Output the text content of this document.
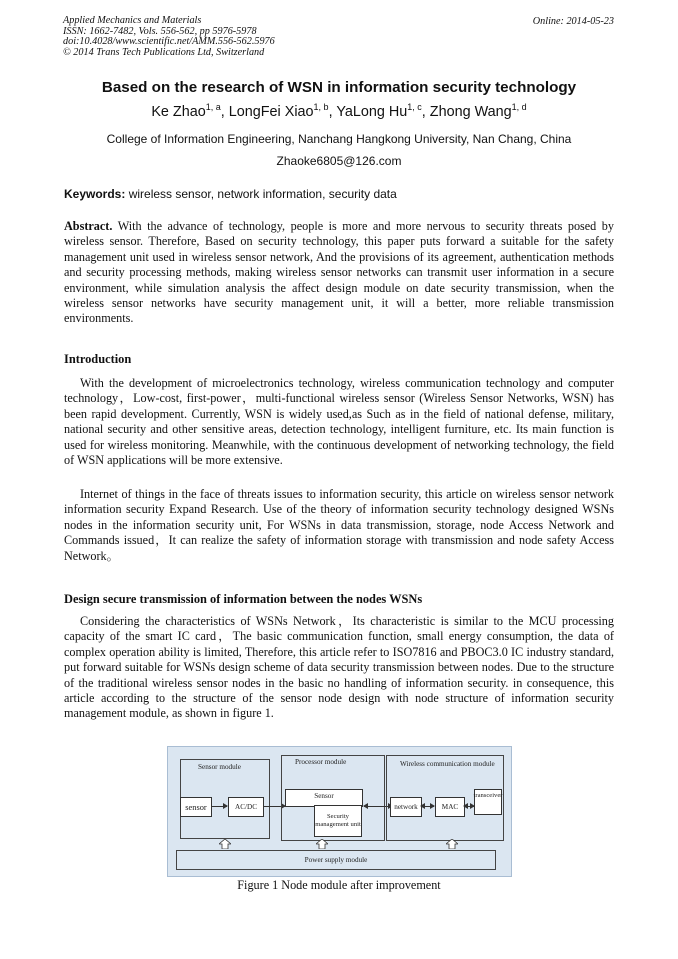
Applied Mechanics and Materials
ISSN: 1662-7482, Vols. 556-562, pp 5976-5978
doi:10.4028/www.scientific.net/AMM.556-562.5976
© 2014 Trans Tech Publications Ltd, Switzerland
Online: 2014-05-23
Based on the research of WSN in information security technology
Ke Zhao$^{1, a}$, LongFei Xiao$^{1, b}$, YaLong Hu$^{1, c}$, Zhong Wang$^{1, d}$
College of Information Engineering, Nanchang Hangkong University, Nan Chang, China
Zhaoke6805@126.com
Keywords: wireless sensor, network information, security data
Abstract. With the advance of technology, people is more and more nervous to security threats posed by wireless sensor. Therefore, Based on security technology, this paper puts forward a suitable for the safety management unit used in wireless sensor network, And the provisions of its agreement, authentication methods and security processing methods, making wireless sensor networks can transmit user information in a secure environment, while simulation analysis the affect design module on date security transmission, when the wireless sensor networks have security management unit, it will a better, more reliable transmission environments.
Introduction
With the development of microelectronics technology, wireless communication technology and computer technology，Low-cost, first-power，multi-functional wireless sensor (Wireless Sensor Networks, WSN) has been rapid development. Currently, WSN is widely used,as Such as in the field of national defense, military, national security and other sensitive areas, detection technology, intelligent furniture, etc. Its main function is used for wireless monitoring. Meanwhile, with the continuous development of networking technology, the field of WSN applications will be more extensive.
Internet of things in the face of threats issues to information security, this article on wireless sensor network information security Expand Research. Use of the theory of information security technology designed WSNs nodes in the information security unit, For WSNs in data transmission, storage, node Access Network and Commands issued，It can realize the safety of information storage with transmission and node safety Access Network。
Design secure transmission of information between the nodes WSNs
Considering the characteristics of WSNs Network，Its characteristic is similar to the MCU processing capacity of the smart IC card，The basic communication function, small energy consumption, the data of complex operation ability is limited, Therefore, this article refer to ISO7816 and PBOC3.0 IC industry standard, put forward suitable for WSNs design scheme of data security transmission between nodes. Due to the structure of the traditional wireless sensor nodes in the basic no handling of information security. in consequence, this article according to the structure of the sensor node design with node structure of information security management module, as shown in figure 1.
Sensor module
sensor	AC/DC
Processor module
Sensor
Security management unit
Wireless communication module
network	MAC
transceiver
Power supply module
Figure 1 Node module after improvement
